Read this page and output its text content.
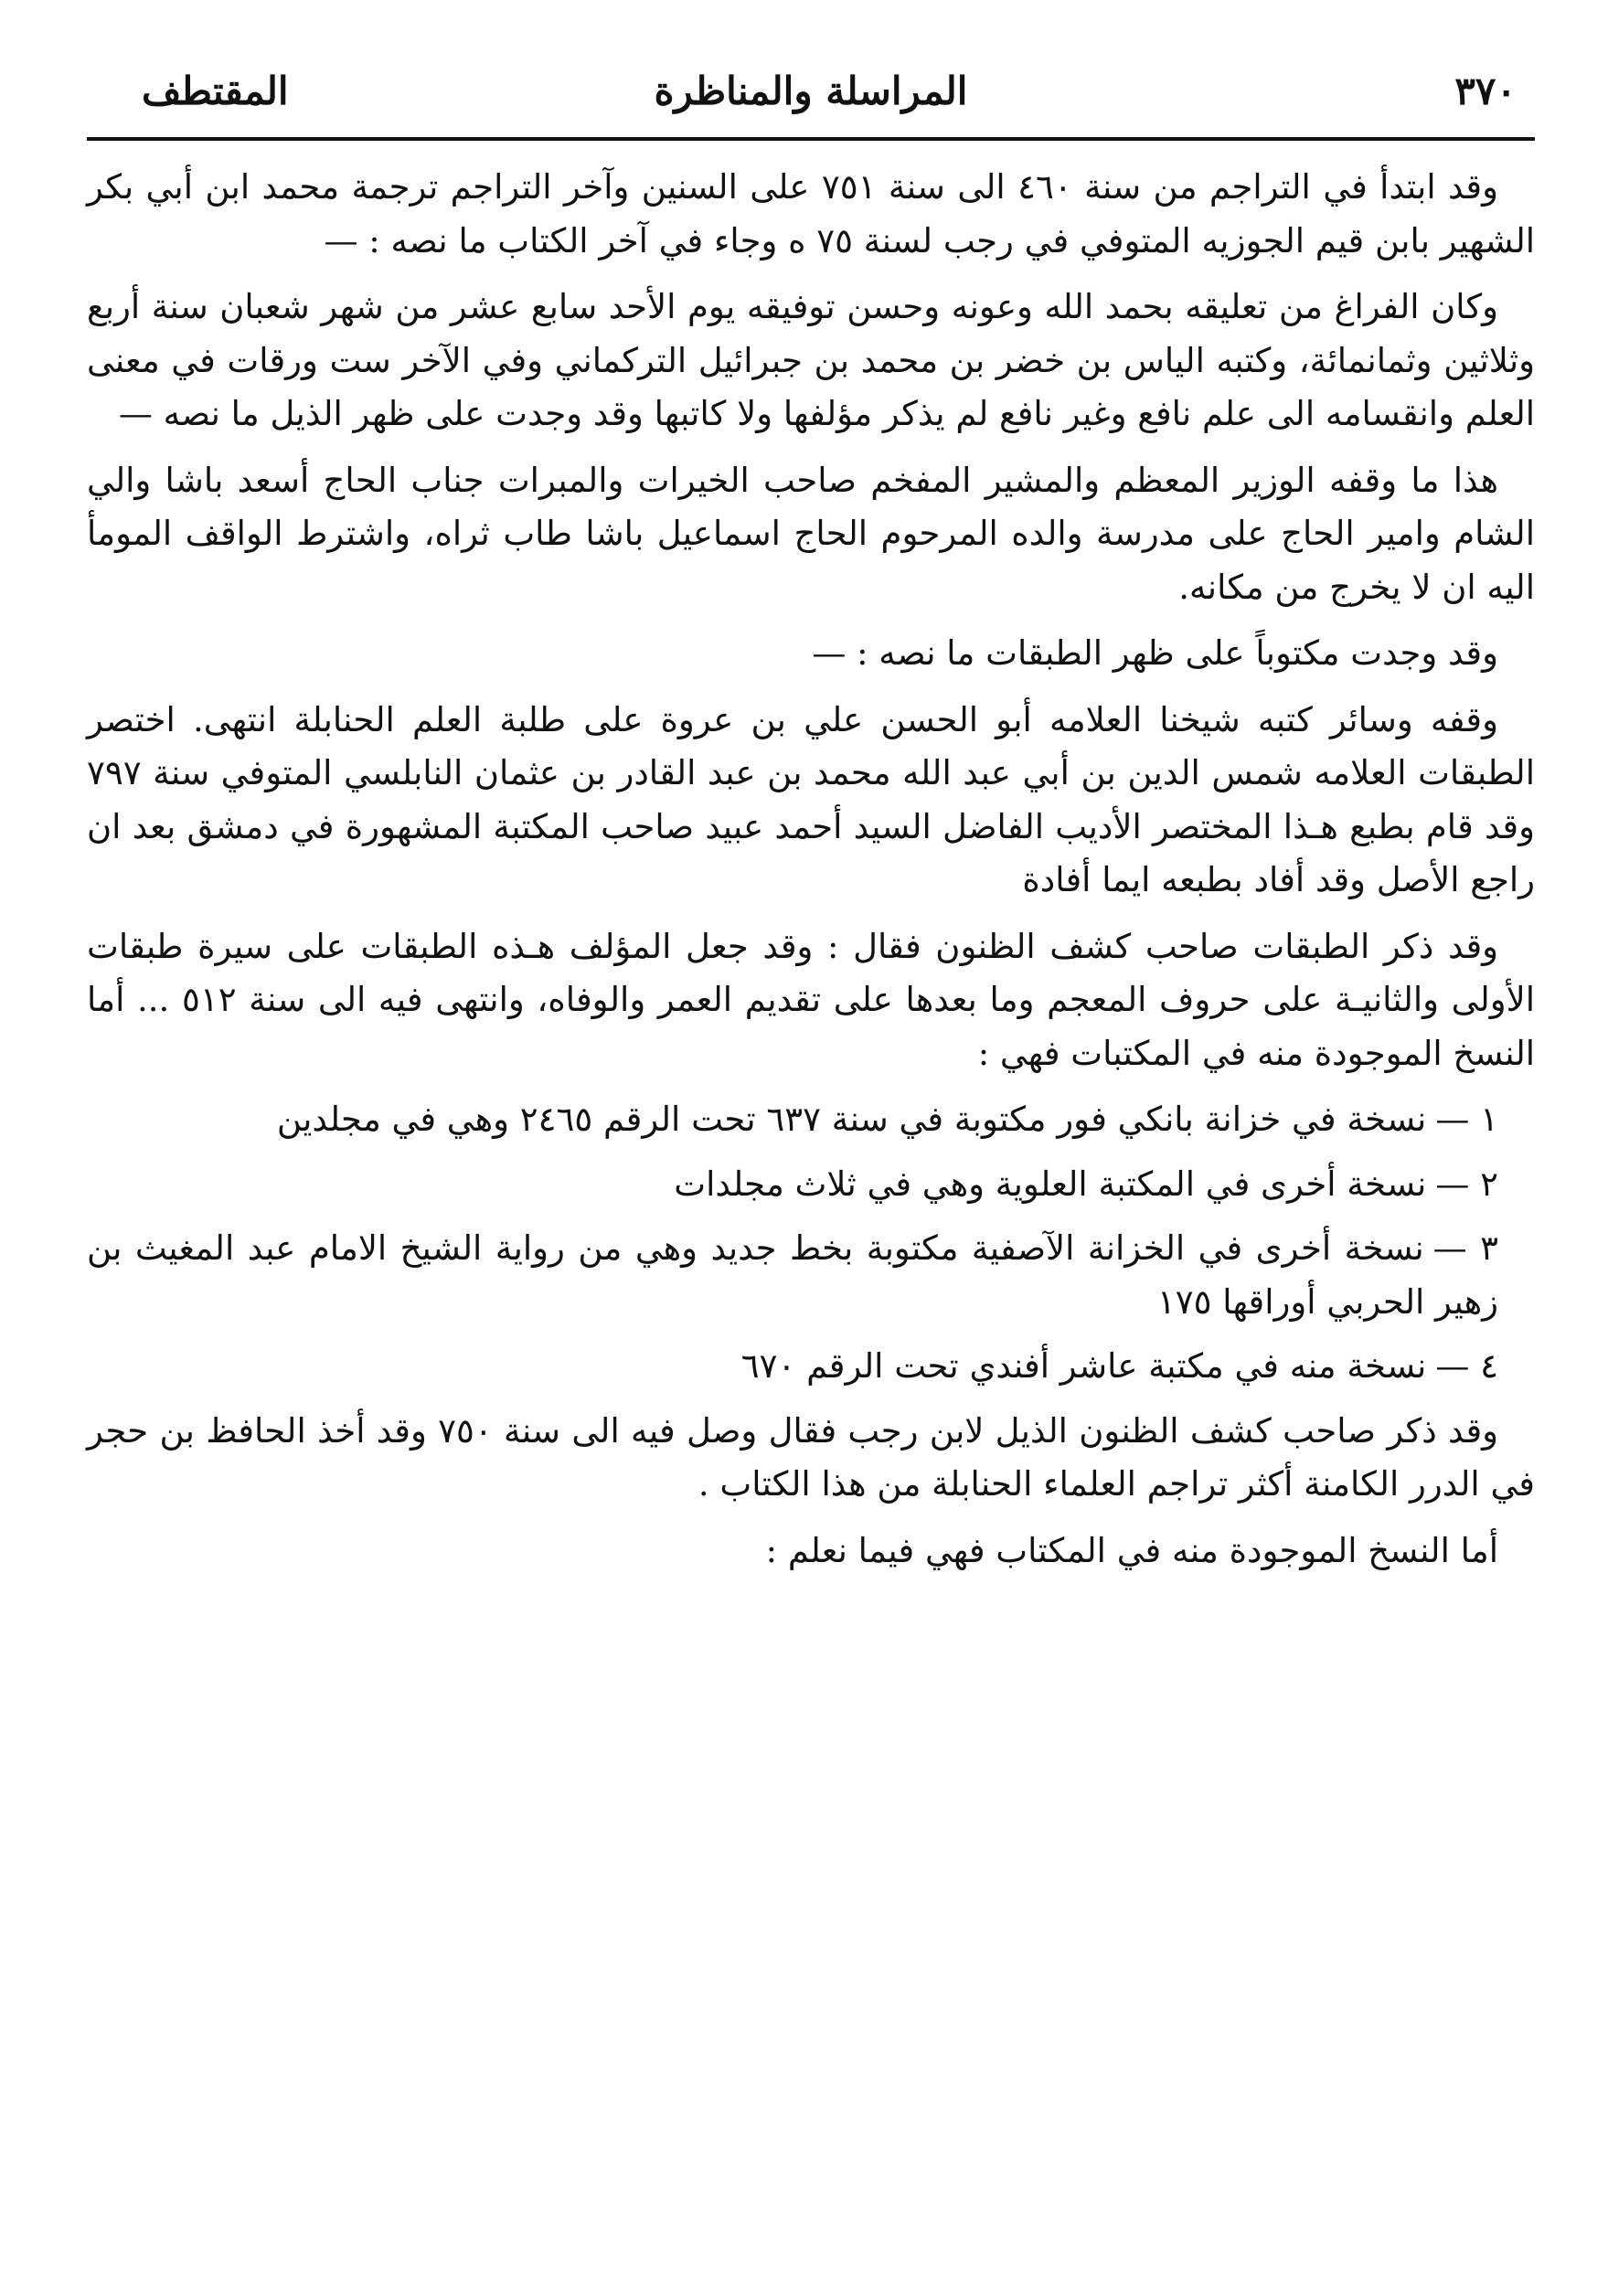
٣٧٠
المراسلة والمناظرة
المقتطف

وقد ابتدأ في التراجم من سنة ٤٦٠ الى سنة ٧٥١ على السنين وآخر التراجم ترجمة محمد ابن أبي بكر الشهير بابن قيم الجوزيه المتوفي في رجب لسنة ٧٥ ه وجاء في آخر الكتاب ما نصه : —

وكان الفراغ من تعليقه بحمد الله وعونه وحسن توفيقه يوم الأحد سابع عشر من شهر شعبان سنة أربع وثلاثين وثمانمائة، وكتبه الياس بن خضر بن محمد بن جبرائيل التركماني وفي الآخر ست ورقات في معنى العلم وانقسامه الى علم نافع وغير نافع لم يذكر مؤلفها ولا كاتبها وقد وجدت على ظهر الذيل ما نصه —

هذا ما وقفه الوزير المعظم والمشير المفخم صاحب الخيرات والمبرات جناب الحاج أسعد باشا والي الشام وامير الحاج على مدرسة والده المرحوم الحاج اسماعيل باشا طاب ثراه، واشترط الواقف المومأ اليه ان لا يخرج من مكانه.

وقد وجدت مكتوباً على ظهر الطبقات ما نصه : —

وقفه وسائر كتبه شيخنا العلامه أبو الحسن علي بن عروة على طلبة العلم الحنابلة انتهى. اختصر الطبقات العلامه شمس الدين بن أبي عبد الله محمد بن عبد القادر بن عثمان النابلسي المتوفي سنة ٧٩٧ وقد قام بطبع هـذا المختصر الأديب الفاضل السيد أحمد عبيد صاحب المكتبة المشهورة في دمشق بعد ان راجع الأصل وقد أفاد بطبعه ايما أفادة

وقد ذكر الطبقات صاحب كشف الظنون فقال : وقد جعل المؤلف هـذه الطبقات على سيرة طبقات الأولى والثانيـة على حروف المعجم وما بعدها على تقديم العمر والوفاه، وانتهى فيه الى سنة ٥١٢ ... أما النسخ الموجودة منه في المكتبات فهي :

١ —نسخة في خزانة بانكي فور مكتوبة في سنة ٦٣٧ تحت الرقم ٢٤٦٥ وهي في مجلدين
٢ —نسخة أخرى في المكتبة العلوية وهي في ثلاث مجلدات
٣ —نسخة أخرى في الخزانة الآصفية مكتوبة بخط جديد وهي من رواية الشيخ الامام عبد المغيث بن زهير الحربي أوراقها ١٧٥
٤ —نسخة منه في مكتبة عاشر أفندي تحت الرقم ٦٧٠

وقد ذكر صاحب كشف الظنون الذيل لابن رجب فقال وصل فيه الى سنة ٧٥٠ وقد أخذ الحافظ بن حجر في الدرر الكامنة أكثر تراجم العلماء الحنابلة من هذا الكتاب .

أما النسخ الموجودة منه في المكتاب فهي فيما نعلم :
